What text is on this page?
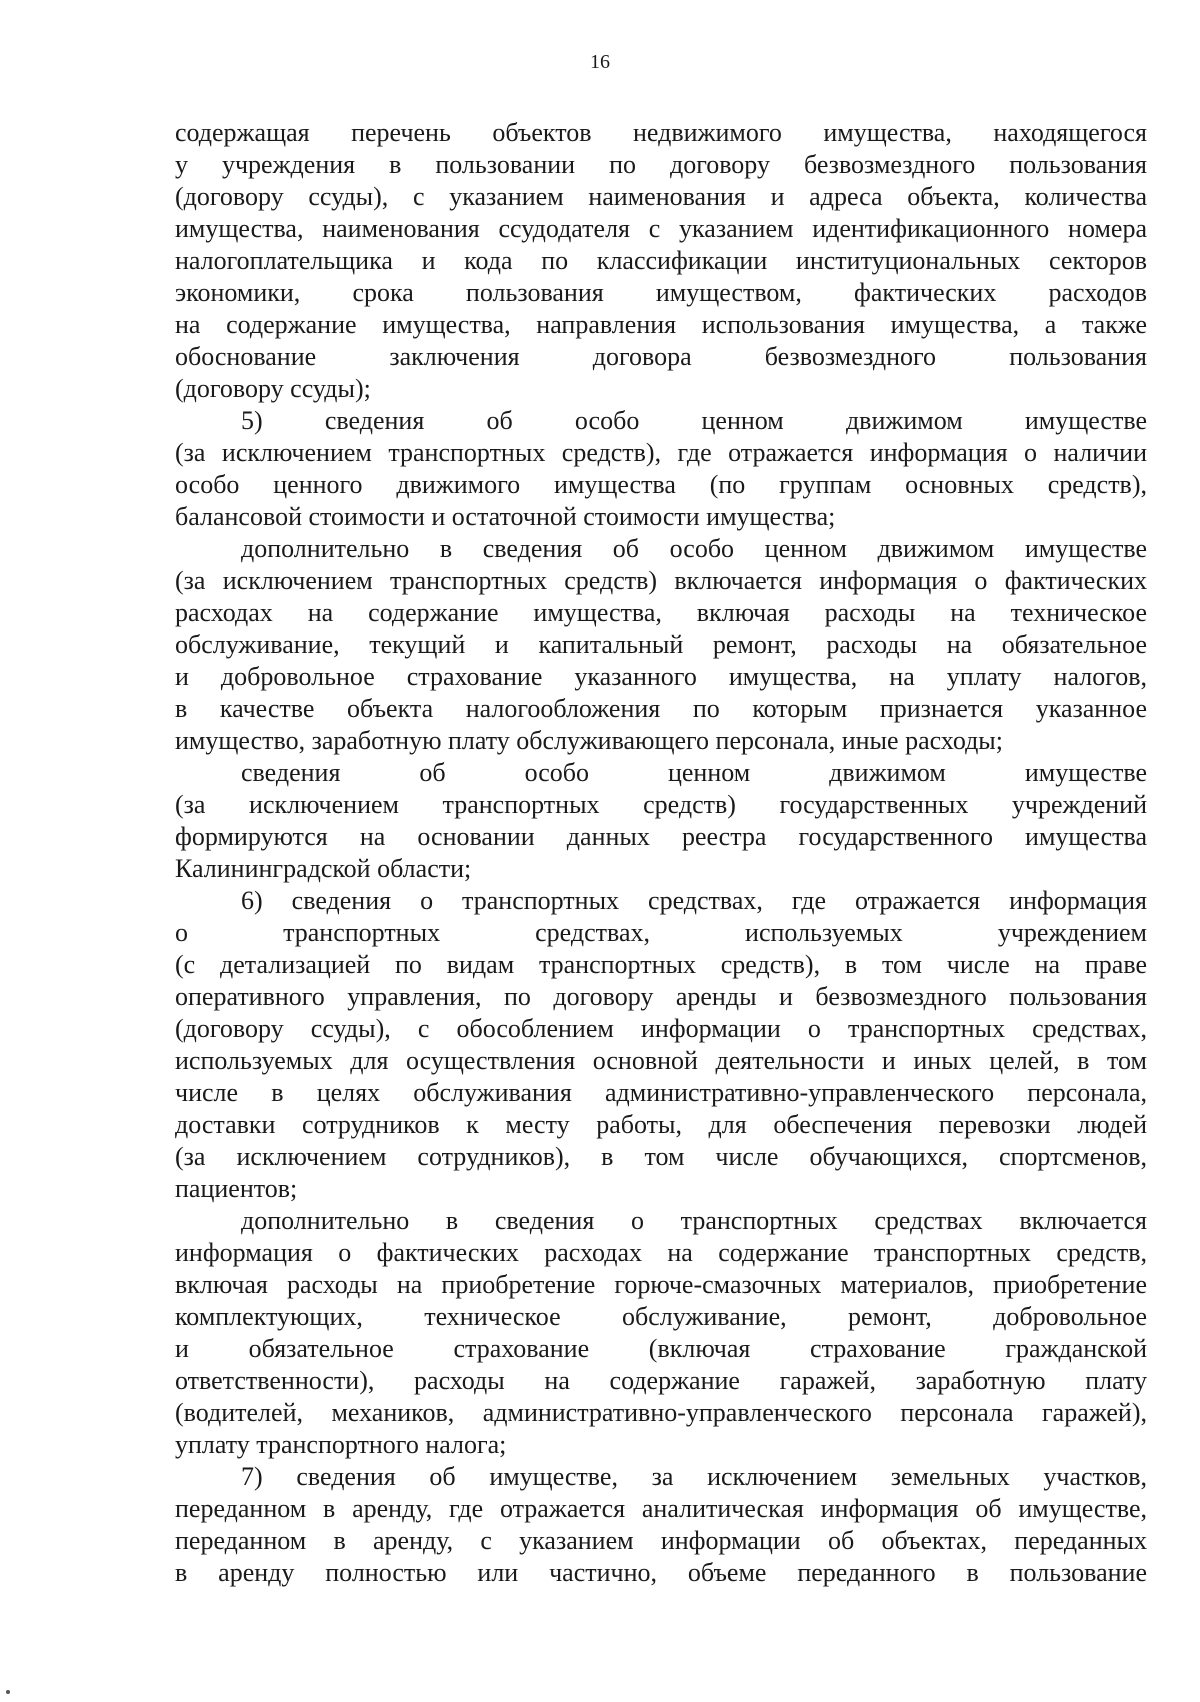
16
содержащая перечень объектов недвижимого имущества, находящегося
у учреждения в пользовании по договору безвозмездного пользования
(договору ссуды), с указанием наименования и адреса объекта, количества
имущества, наименования ссудодателя с указанием идентификационного номера
налогоплательщика и кода по классификации институциональных секторов
экономики, срока пользования имуществом, фактических расходов
на содержание имущества, направления использования имущества, а также
обоснование заключения договора безвозмездного пользования
(договору ссуды);
5) сведения об особо ценном движимом имуществе
(за исключением транспортных средств), где отражается информация о наличии
особо ценного движимого имущества (по группам основных средств),
балансовой стоимости и остаточной стоимости имущества;
дополнительно в сведения об особо ценном движимом имуществе
(за исключением транспортных средств) включается информация о фактических
расходах на содержание имущества, включая расходы на техническое
обслуживание, текущий и капитальный ремонт, расходы на обязательное
и добровольное страхование указанного имущества, на уплату налогов,
в качестве объекта налогообложения по которым признается указанное
имущество, заработную плату обслуживающего персонала, иные расходы;
сведения об особо ценном движимом имуществе
(за исключением транспортных средств) государственных учреждений
формируются на основании данных реестра государственного имущества
Калининградской области;
6) сведения о транспортных средствах, где отражается информация
о транспортных средствах, используемых учреждением
(с детализацией по видам транспортных средств), в том числе на праве
оперативного управления, по договору аренды и безвозмездного пользования
(договору ссуды), с обособлением информации о транспортных средствах,
используемых для осуществления основной деятельности и иных целей, в том
числе в целях обслуживания административно-управленческого персонала,
доставки сотрудников к месту работы, для обеспечения перевозки людей
(за исключением сотрудников), в том числе обучающихся, спортсменов,
пациентов;
дополнительно в сведения о транспортных средствах включается
информация о фактических расходах на содержание транспортных средств,
включая расходы на приобретение горюче-смазочных материалов, приобретение
комплектующих, техническое обслуживание, ремонт, добровольное
и обязательное страхование (включая страхование гражданской
ответственности), расходы на содержание гаражей, заработную плату
(водителей, механиков, административно-управленческого персонала гаражей),
уплату транспортного налога;
7) сведения об имуществе, за исключением земельных участков,
переданном в аренду, где отражается аналитическая информация об имуществе,
переданном в аренду, с указанием информации об объектах, переданных
в аренду полностью или частично, объеме переданного в пользование
